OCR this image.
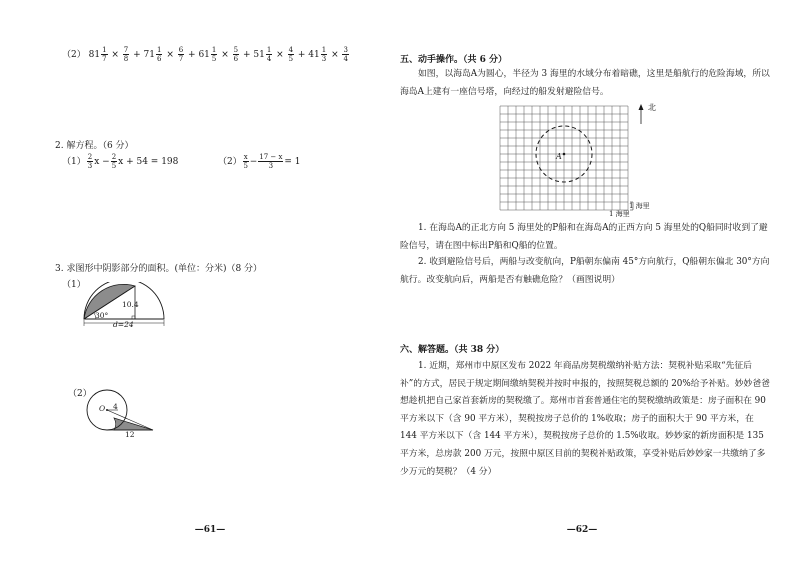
（2） $81 \frac{1}{7} \times \frac{7}{8} + 71 \frac{1}{6} \times \frac{6}{7} + 61 \frac{1}{5} \times \frac{5}{6} + 51 \frac{1}{4} \times \frac{4}{5} + 41 \frac{1}{3} \times \frac{3}{4}$
2. 解方程。（6 分）
$(1) \frac{2}{3}$ $x - \frac{2}{5}$ x + 54 = 198	$(2) \frac{x}{5} - \frac{17 - x}{3} = 1$
3. 求图形中阴影部分的面积。(单位：分米)（8 分）
（1）
10.4
30°
d=24
（2）
O 4
12
—61—
五、动手操作。（共 6 分）
如图，以海岛A为圆心，半径为 3 海里的水域分布着暗礁，这里是船航行的危险海域，所以海岛A上建有一座信号塔，向经过的船发射避险信号。
北
A
1 海里
1 海里
1. 在海岛A的正北方向 5 海里处的P船和在海岛A的正西方向 5 海里处的Q船同时收到了避险信号，请在图中标出P船和Q船的位置。
2. 收到避险信号后，两船与改变航向，P船朝东偏南 45°方向航行，Q船朝东偏北 30°方向航行。改变航向后，两船是否有触礁危险？（画图说明）
六、解答题。（共 38 分）
1. 近期，郑州市中原区发布 2022 年商品房契税缴纳补贴方法：契税补贴采取“先征后补”的方式，居民于规定期间缴纳契税并按时申报的，按照契税总额的 20%给予补贴。妙妙爸爸想趁机把自己家首套新房的契税缴了。郑州市首套普通住宅的契税缴纳政策是：房子面积在 90 平方米以下（含 90 平方米），契税按房子总价的 1%收取；房子的面积大于 90 平方米，在 144 平方米以下（含 144 平方米），契税按房子总价的 1.5%收取。妙妙家的新房面积是 135 平方米，总房款 200 万元，按照中原区目前的契税补贴政策，享受补贴后妙妙家一共缴纳了多少万元的契税？（4 分）
—62—
